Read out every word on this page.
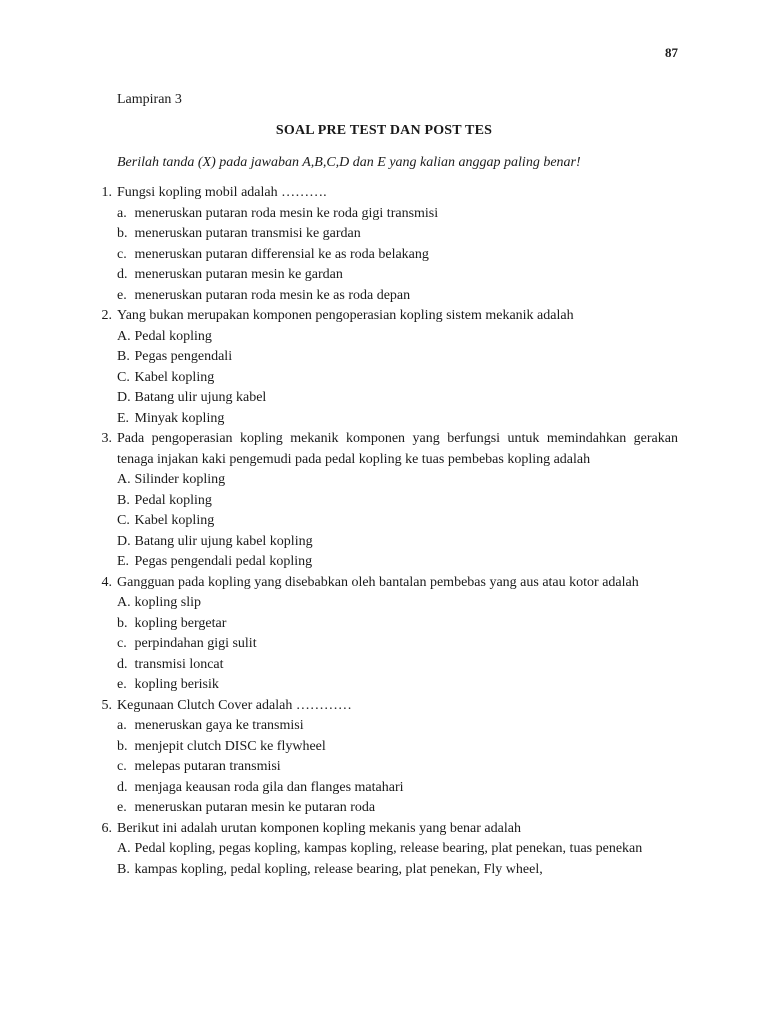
87
Lampiran 3
SOAL PRE TEST DAN POST TES
Berilah tanda (X) pada jawaban A,B,C,D dan E yang kalian anggap paling benar!
1. Fungsi kopling mobil adalah ……….
a. meneruskan putaran roda mesin ke roda gigi transmisi
b. meneruskan putaran transmisi ke gardan
c. meneruskan putaran differensial ke as roda belakang
d. meneruskan putaran mesin ke gardan
e. meneruskan putaran roda mesin ke as roda depan
2. Yang bukan merupakan komponen pengoperasian kopling sistem mekanik adalah
A. Pedal kopling
B. Pegas pengendali
C. Kabel kopling
D. Batang ulir ujung kabel
E. Minyak kopling
3. Pada pengoperasian kopling mekanik komponen yang berfungsi untuk memindahkan gerakan tenaga injakan kaki pengemudi pada pedal kopling ke tuas pembebas kopling adalah
A. Silinder kopling
B. Pedal kopling
C. Kabel kopling
D. Batang ulir ujung kabel kopling
E. Pegas pengendali pedal kopling
4. Gangguan pada kopling yang disebabkan oleh bantalan pembebas yang aus atau kotor adalah
A. kopling slip
b. kopling bergetar
c. perpindahan gigi sulit
d. transmisi loncat
e. kopling berisik
5. Kegunaan Clutch Cover adalah …………
a. meneruskan gaya ke transmisi
b. menjepit clutch DISC ke flywheel
c. melepas putaran transmisi
d. menjaga keausan roda gila dan flanges matahari
e. meneruskan putaran mesin ke putaran roda
6. Berikut ini adalah urutan komponen kopling mekanis yang benar adalah
A. Pedal kopling, pegas kopling, kampas kopling, release bearing, plat penekan, tuas penekan
B. kampas kopling, pedal kopling, release bearing, plat penekan, Fly wheel,
